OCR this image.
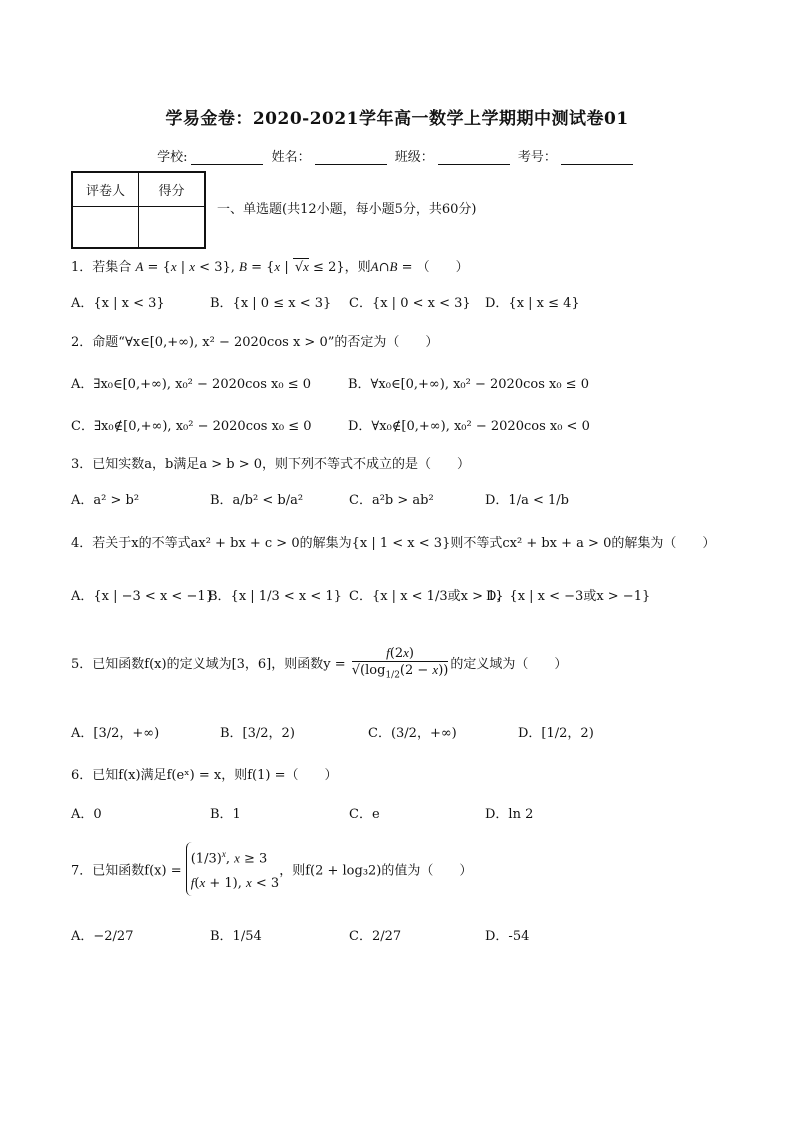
学易金卷：2020-2021学年高一数学上学期期中测试卷01
学校:	姓名：	班级：	考号：
评卷人	得分

一、单选题(共12小题，每小题5分，共60分)
1．若集合 A = {x | x < 3}, B = {x | √x ≤ 2}，则A∩B = （　　）
A．{x | x < 3}	B．{x | 0 ≤ x < 3} C．{x | 0 < x < 3} D．{x | x ≤ 4}
2．命题“∀x∈[0,+∞), x² − 2020cos x > 0”的否定为（　　）
A．∃x₀∈[0,+∞), x₀² − 2020cos x₀ ≤ 0	B．∀x₀∈[0,+∞), x₀² − 2020cos x₀ ≤ 0
C．∃x₀∉[0,+∞), x₀² − 2020cos x₀ ≤ 0	D．∀x₀∉[0,+∞), x₀² − 2020cos x₀ < 0
3．已知实数a，b满足a > b > 0，则下列不等式不成立的是（　　）
A．a² > b²	B．a/b² < b/a²	C．a²b > ab²	D．1/a < 1/b
4．若关于x的不等式ax² + bx + c > 0的解集为{x | 1 < x < 3}则不等式cx² + bx + a > 0的解集为（　　）
A．{x | −3 < x < −1}
B．{x | 1/3 < x < 1} C．{x | x < 1/3或x > 1}
D．{x | x < −3或x > −1}
5．已知函数f(x)的定义域为[3，6]，则函数$y = \frac{f(2x)}{√(\log_{1/2}(2 - x))}$ 的定义域为（　　）
A．[3/2，+∞)	B．[3/2，2)	C．(3/2，+∞)	D．[1/2，2)
6．已知f(x)满足f(eˣ) = x，则f(1) =（　　）
A．0	B．1	C．e	D．ln 2
7．已知函数$f(x) = (1/3)^x$, x ≥ 3
f(x + 1), x < 3，则f(2 + log₃2)的值为（　　）
A．−2/27	B．1/54	C．2/27	D．-54
